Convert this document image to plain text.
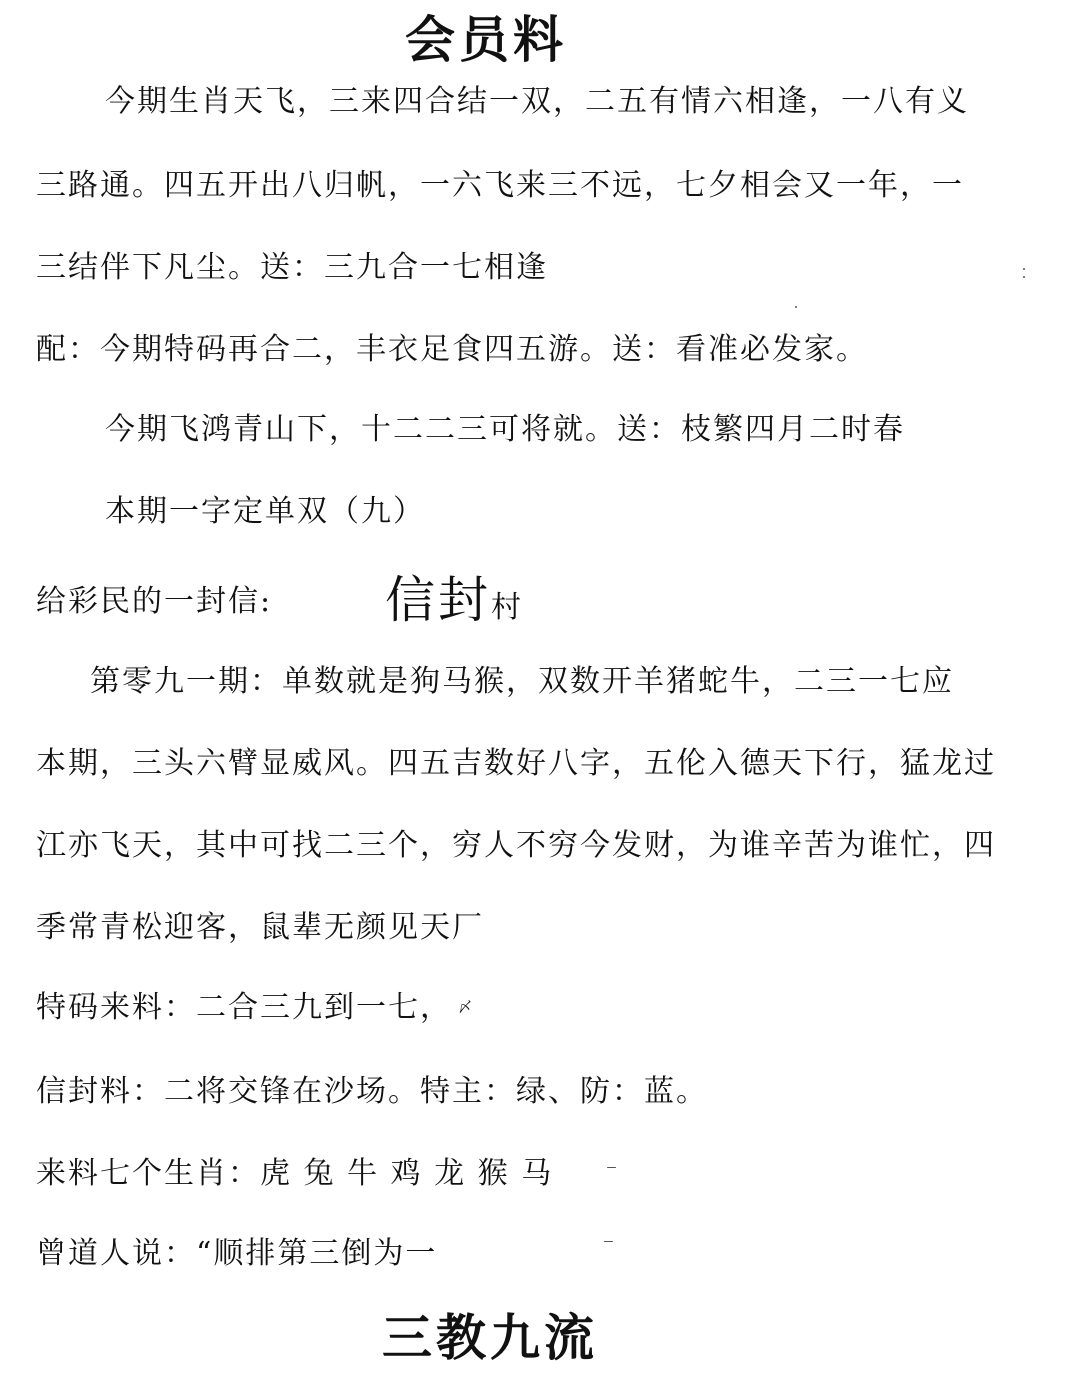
会员料
今期生肖天飞，三来四合结一双，二五有情六相逢，一八有义
三路通。四五开出八归帆，一六飞来三不远，七夕相会又一年，一
三结伴下凡尘。送：三九合一七相逢
配：今期特码再合二，丰衣足食四五游。送：看准必发家。
今期飞鸿青山下，十二二三可将就。送：枝繁四月二时春
本期一字定单双（九）
给彩民的一封信: 信封村
第零九一期：单数就是狗马猴，双数开羊猪蛇牛，二三一七应
本期，三头六臂显威风。四五吉数好八字，五伦入德天下行，猛龙过
江亦飞天，其中可找二三个，穷人不穷今发财，为谁辛苦为谁忙，四
季常青松迎客，鼠辈无颜见天厂
特码来料：二合三九到一七， $^〆$
信封料：二将交锋在沙场。特主：绿、防：蓝。
来料七个生肖：虎 兔 牛 鸡 龙 猴 马
曾道人说：“顺排第三倒为一
三教九流
